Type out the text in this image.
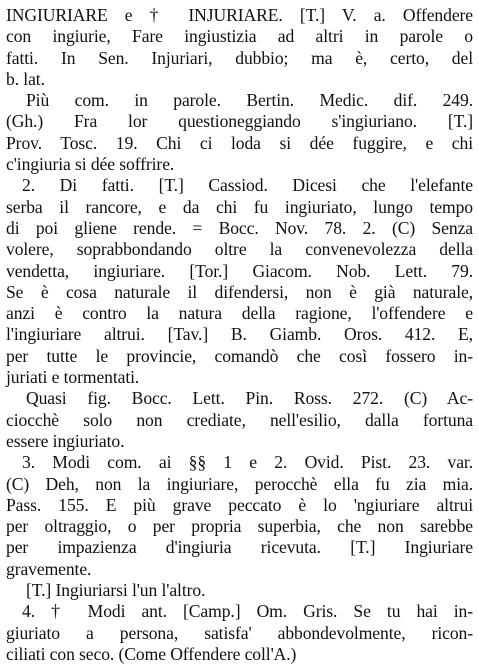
INGIURIARE e † INJURIARE. [T.] V. a. Offendere
con ingiurie, Fare ingiustizia ad altri in parole o
fatti. In Sen. Injuriari, dubbio; ma è, certo, del
b. lat.
Più com. in parole. Bertin. Medic. dif. 249.
(Gh.) Fra lor questioneggiando s'ingiuriano. [T.]
Prov. Tosc. 19. Chi ci loda si dée fuggire, e chi
c'ingiuria si dée soffrire.
2. Di fatti. [T.] Cassiod. Dicesi che l'elefante
serba il rancore, e da chi fu ingiuriato, lungo tempo
di poi gliene rende. = Bocc. Nov. 78. 2. (C) Senza
volere, soprabbondando oltre la convenevolezza della
vendetta, ingiuriare. [Tor.] Giacom. Nob. Lett. 79.
Se è cosa naturale il difendersi, non è già naturale,
anzi è contro la natura della ragione, l'offendere e
l'ingiuriare altrui. [Tav.] B. Giamb. Oros. 412. E,
per tutte le provincie, comandò che così fossero in-
juriati e tormentati.
Quasi fig. Bocc. Lett. Pin. Ross. 272. (C) Ac-
ciocchè solo non crediate, nell'esilio, dalla fortuna
essere ingiuriato.
3. Modi com. ai §§ 1 e 2. Ovid. Pist. 23. var.
(C) Deh, non la ingiuriare, perocchè ella fu zia mia.
Pass. 155. E più grave peccato è lo 'ngiuriare altrui
per oltraggio, o per propria superbia, che non sarebbe
per impazienza d'ingiuria ricevuta. [T.] Ingiuriare
gravemente.
[T.] Ingiuriarsi l'un l'altro.
4. † Modi ant. [Camp.] Om. Gris. Se tu hai in-
giuriato a persona, satisfa' abbondevolmente, ricon-
ciliati con seco. (Come Offendere coll'A.)
